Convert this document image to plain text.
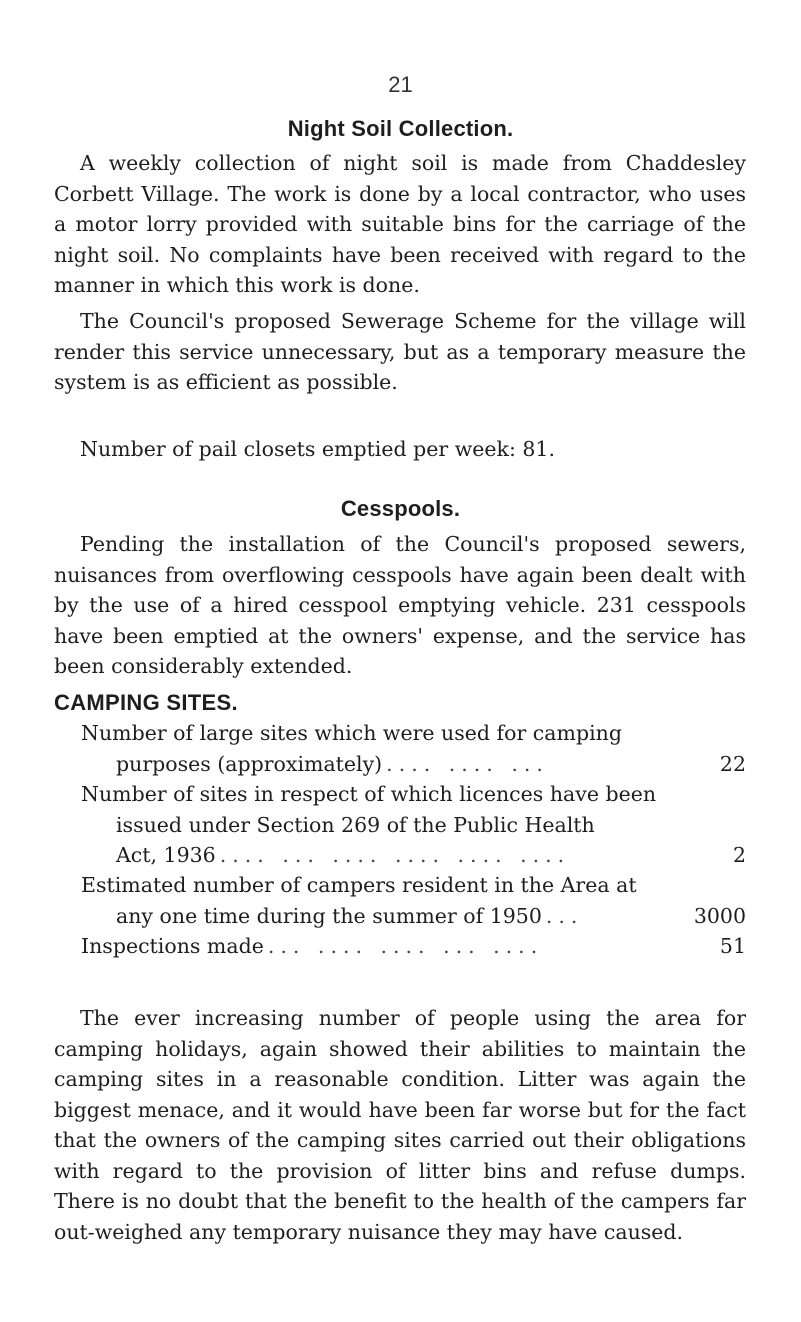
21
Night Soil Collection.
A weekly collection of night soil is made from Chaddesley Corbett Village. The work is done by a local contractor, who uses a motor lorry provided with suitable bins for the carriage of the night soil. No complaints have been received with regard to the manner in which this work is done.
The Council's proposed Sewerage Scheme for the village will render this service unnecessary, but as a temporary measure the system is as efficient as possible.
Number of pail closets emptied per week: 81.
Cesspools.
Pending the installation of the Council's proposed sewers, nuisances from overflowing cesspools have again been dealt with by the use of a hired cesspool emptying vehicle. 231 cesspools have been emptied at the owners' expense, and the service has been considerably extended.
CAMPING SITES.
Number of large sites which were used for camping
purposes (approximately) .... .... ...	22
Number of sites in respect of which licences have been
issued under Section 269 of the Public Health
Act, 1936 .... ... .... .... .... ....	2
Estimated number of campers resident in the Area at
any one time during the summer of 1950 ...	3000
Inspections made ... .... .... ... ....	51
The ever increasing number of people using the area for camping holidays, again showed their abilities to maintain the camping sites in a reasonable condition. Litter was again the biggest menace, and it would have been far worse but for the fact that the owners of the camping sites carried out their obligations with regard to the provision of litter bins and refuse dumps. There is no doubt that the benefit to the health of the campers far out-weighed any temporary nuisance they may have caused.
